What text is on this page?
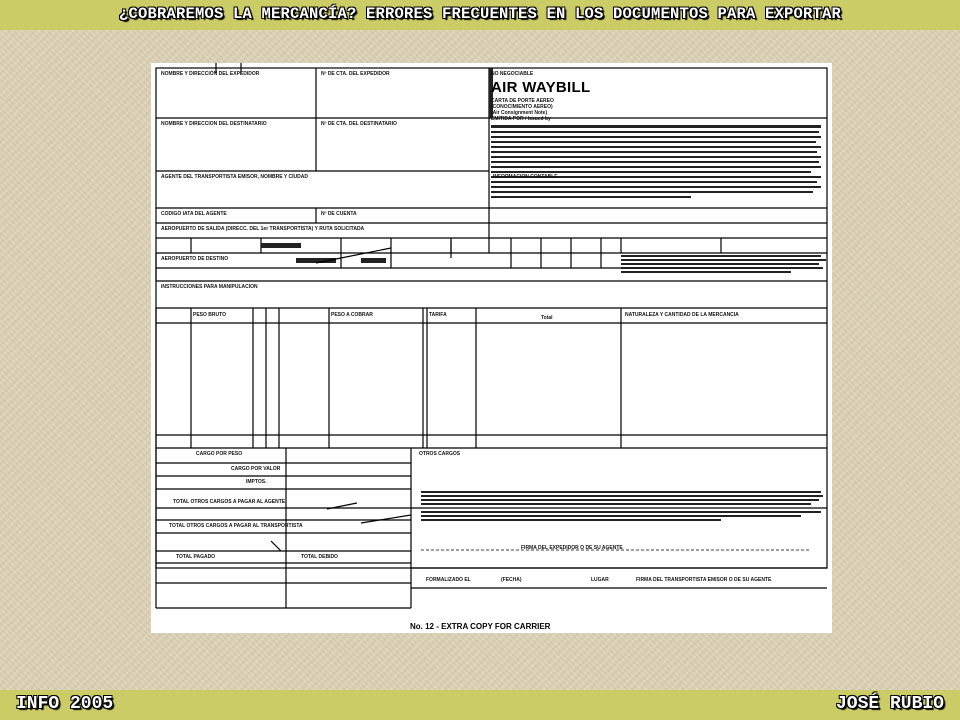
¿COBRAREMOS LA MERCANCÍA? ERRORES FRECUENTES EN LOS DOCUMENTOS PARA EXPORTAR
NO NEGOCIABLE
AIR WAYBILL
CARTA DE PORTE AEREO
(CONOCIMIENTO AEREO)
(Air Consignment Note)
EMITIDA POR / Issued by
NOMBRE Y DIRECCIÓN DEL EXPEDIDOR	Nº DE CTA. DEL EXPEDIDOR
NOMBRE Y DIRECCION DEL DESTINATARIO	Nº DE CTA. DEL DESTINATARIO
AGENTE DEL TRANSPORTISTA EMISOR, NOMBRE Y CIUDAD	INFORMACION CONTABLE
CODIGO IATA DEL AGENTE	Nº DE CUENTA
AEROPUERTO DE SALIDA (DIRECC. DEL 1er TRANSPORTISTA) Y RUTA SOLICITADA
AEROPUERTO DE DESTINO
INSTRUCCIONES PARA MANIPULACION
PESO BRUTO	PESO A COBRAR	TARIFA	Total	NATURALEZA Y CANTIDAD DE LA MERCANCIA
CARGO POR PESO
CARGO POR VALOR
IMPTOS.
OTROS CARGOS
TOTAL OTROS CARGOS A PAGAR AL AGENTE
TOTAL OTROS CARGOS A PAGAR AL TRANSPORTISTA
TOTAL PAGADO	TOTAL DEBIDO
FIRMA DEL EXPEDIDOR O DE SU AGENTE
FORMALIZADO EL	(FECHA)	LUGAR	FIRMA DEL TRANSPORTISTA EMISOR O DE SU AGENTE
No. 12 - EXTRA COPY FOR CARRIER
INFO 2005	JOSÉ RUBIO
